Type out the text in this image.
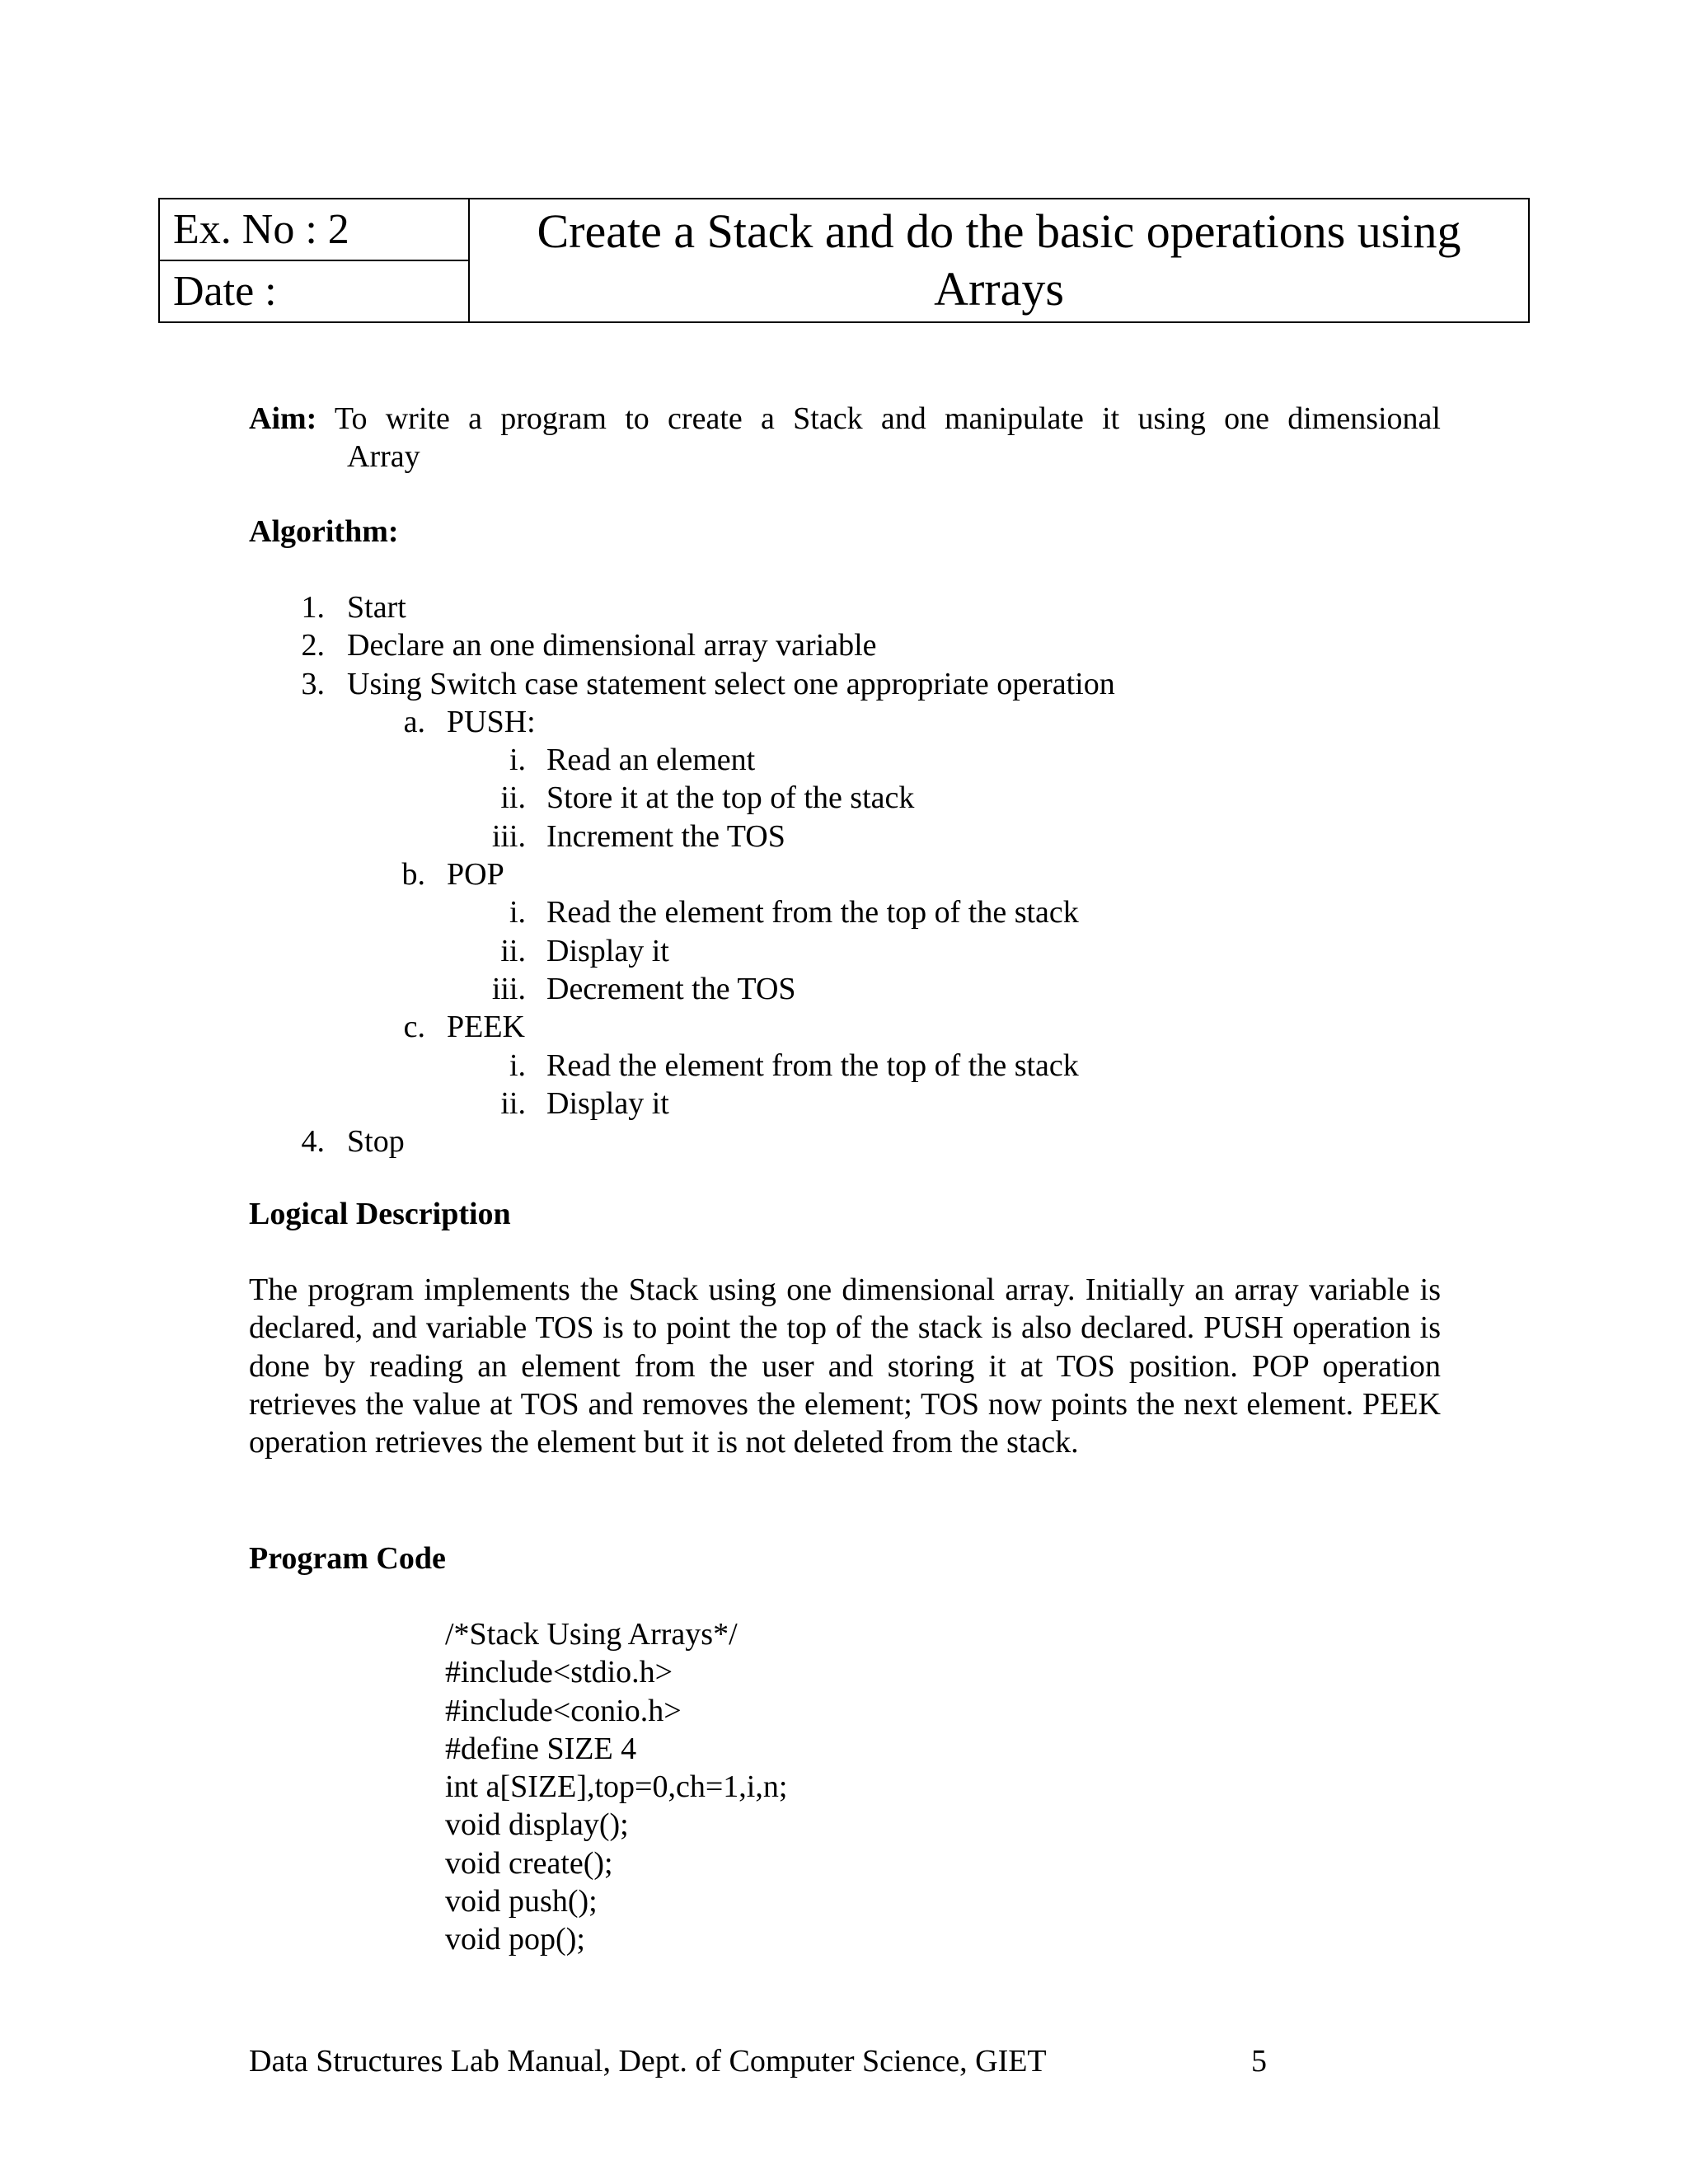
Ex. No : 2	Create a Stack and do the basic operations using
Arrays
Date :
Aim: To write a program to create a Stack and manipulate it using one dimensional
Array
Algorithm:
1. Start
2. Declare an one dimensional array variable
3. Using Switch case statement select one appropriate operation
a. PUSH:
i. Read an element
ii. Store it at the top of the stack
iii. Increment the TOS
b. POP
i. Read the element from the top of the stack
ii. Display it
iii. Decrement the TOS
c. PEEK
i. Read the element from the top of the stack
ii. Display it
4. Stop
Logical Description
The program implements the Stack using one dimensional array. Initially an array variable is declared, and variable TOS is to point the top of the stack is also declared. PUSH operation is done by reading an element from the user and storing it at TOS position. POP operation retrieves the value at TOS and removes the element; TOS now points the next element. PEEK operation retrieves the element but it is not deleted from the stack.
Program Code
/*Stack Using Arrays*/
#include<stdio.h>
#include<conio.h>
#define SIZE 4
int a[SIZE],top=0,ch=1,i,n;
void display();
void create();
void push();
void pop();
Data Structures Lab Manual, Dept. of Computer Science, GIET	5
